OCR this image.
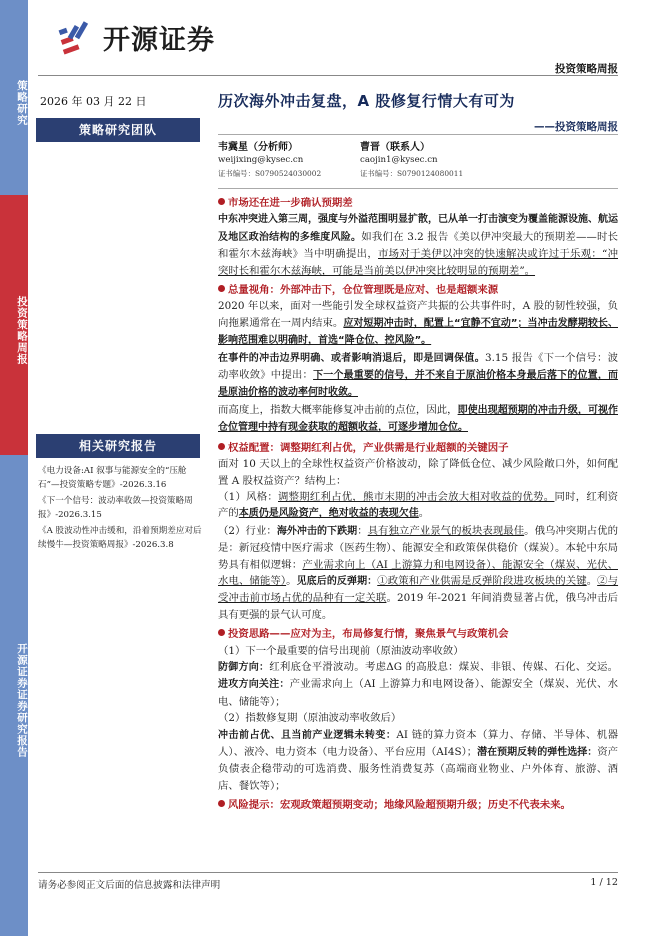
策略研究
投资策略周报
开源证券证券研究报告
开源证券
投资策略周报
2026 年 03 月 22 日
策略研究团队
相关研究报告

《电力设备:AI 叙事与能源安全的“压舱石”—投资策略专题》-2026.3.16

《下一个信号：波动率收敛—投资策略周报》-2026.3.15

《A 股波动性冲击缓和，沿着预期差应对后续慢牛—投资策略周报》-2026.3.8

历次海外冲击复盘，A 股修复行情大有可为
——投资策略周报
韦冀星（分析师）
weijixing@kysec.cn
证书编号：S0790524030002
曹晋（联系人）
caojin1@kysec.cn
证书编号：S0790124080011
市场还在进一步确认预期差

中东冲突进入第三周，强度与外溢范围明显扩散，已从单一打击演变为覆盖能源设施、航运及地区政治结构的多维度风险。如我们在 3.2 报告《美以伊冲突最大的预期差——时长和霍尔木兹海峡》当中明确提出，市场对于美伊以冲突的快速解决或许过于乐观：“冲突时长和霍尔木兹海峡，可能是当前美以伊冲突比较明显的预期差”。

总量视角：外部冲击下，仓位管理既是应对、也是超额来源

2020 年以来，面对一些能引发全球权益资产共振的公共事件时，A 股的韧性较强，负向拖累通常在一周内结束。应对短期冲击时，配置上“宜静不宜动”；当冲击发酵期较长、影响范围难以明确时，首选“降仓位、控风险”。

在事件的冲击边界明确、或者影响消退后，即是回调保值。3.15 报告《下一个信号：波动率收敛》中提出：下一个最重要的信号，并不来自于原油价格本身最后落下的位置，而是原油价格的波动率何时收敛。

而高度上，指数大概率能修复冲击前的点位，因此，即使出现超预期的冲击升级，可视作仓位管理中持有现金获取的超额收益，可逐步增加仓位。

权益配置：调整期红利占优，产业供需是行业超额的关键因子

面对 10 天以上的全球性权益资产价格波动，除了降低仓位、减少风险敞口外，如何配置 A 股权益资产？结构上：

（1）风格：调整期红利占优，熊市末期的冲击会放大相对收益的优势。同时，红利资产的本质仍是风险资产，绝对收益的表现欠佳。

（2）行业：海外冲击的下跌期：具有独立产业景气的板块表现最佳。俄乌冲突期占优的是：新冠疫情中医疗需求（医药生物）、能源安全和政策保供稳价（煤炭）。本轮中东局势具有相似逻辑：产业需求向上（AI 上游算力和电网设备）、能源安全（煤炭、光伏、水电、储能等）。见底后的反弹期：①政策和产业供需是反弹阶段进攻板块的关键。②与受冲击前市场占优的品种有一定关联。2019 年-2021 年间消费显著占优，俄乌冲击后具有更强的景气认可度。

投资思路——应对为主，布局修复行情，聚焦景气与政策机会

（1）下一个最重要的信号出现前（原油波动率收敛）

防御方向：红利底仓平滑波动。考虑ΔG 的高股息：煤炭、非银、传媒、石化、交运。进攻方向关注：产业需求向上（AI 上游算力和电网设备）、能源安全（煤炭、光伏、水电、储能等）；

（2）指数修复期（原油波动率收敛后）

冲击前占优、且当前产业逻辑未转变：AI 链的算力资本（算力、存储、半导体、机器人）、液冷、电力资本（电力设备）、平台应用（AI4S）；潜在预期反转的弹性选择：资产负债表企稳带动的可选消费、服务性消费复苏（高端商业物业、户外体育、旅游、酒店、餐饮等）；

风险提示：宏观政策超预期变动；地缘风险超预期升级；历史不代表未来。
请务必参阅正文后面的信息披露和法律声明	1 / 12
